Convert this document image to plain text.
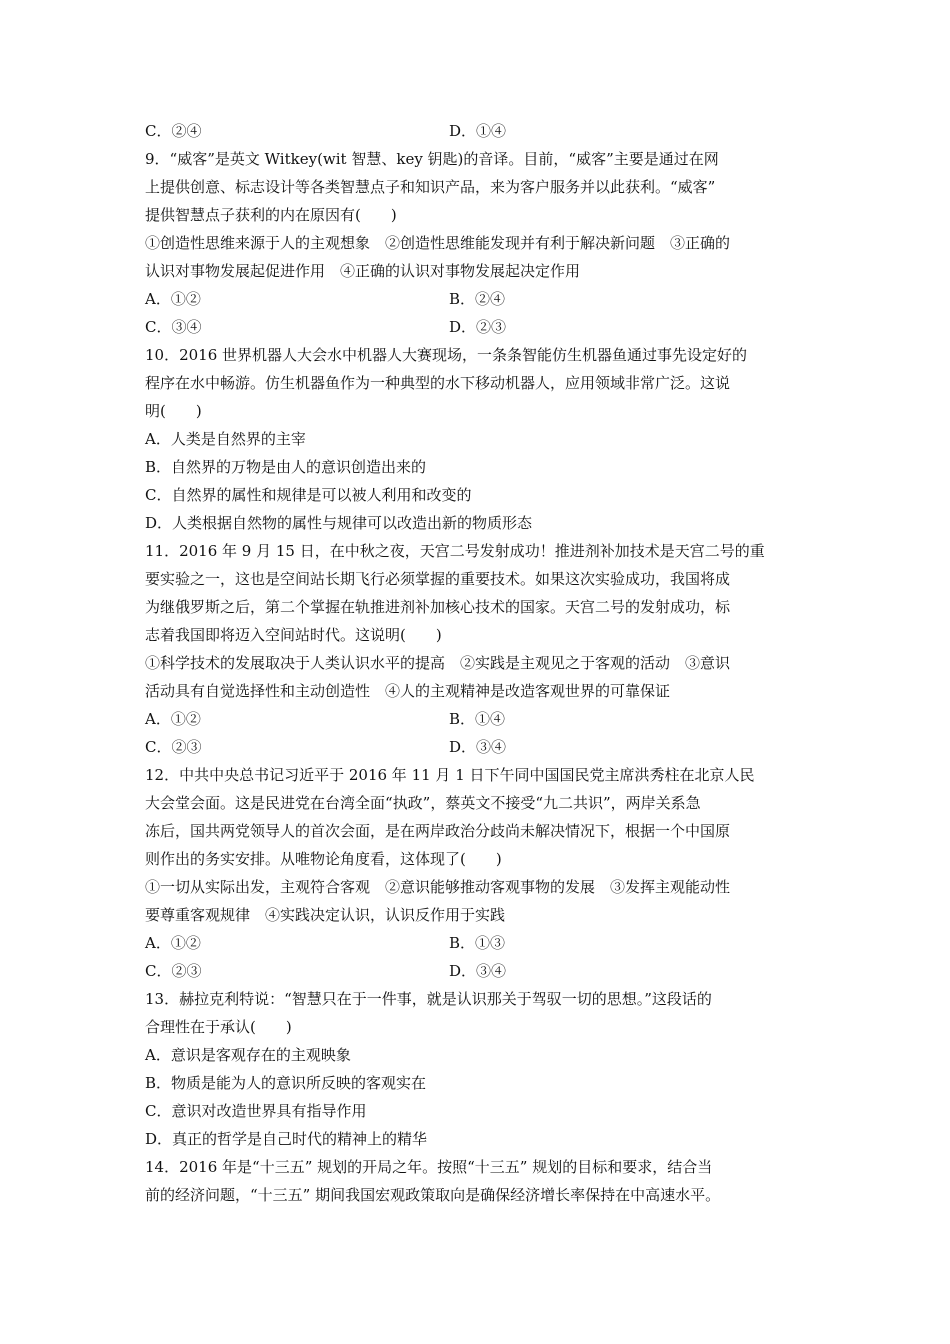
C．②④	D．①④
9．“威客”是英文 Witkey(wit 智慧、key 钥匙)的音译。目前，“威客”主要是通过在网
上提供创意、标志设计等各类智慧点子和知识产品，来为客户服务并以此获利。“威客”
提供智慧点子获利的内在原因有(　　)
①创造性思维来源于人的主观想象　②创造性思维能发现并有利于解决新问题　③正确的
认识对事物发展起促进作用　④正确的认识对事物发展起决定作用
A．①②	B．②④
C．③④	D．②③
10．2016 世界机器人大会水中机器人大赛现场，一条条智能仿生机器鱼通过事先设定好的
程序在水中畅游。仿生机器鱼作为一种典型的水下移动机器人，应用领域非常广泛。这说
明(　　)
A．人类是自然界的主宰
B．自然界的万物是由人的意识创造出来的
C．自然界的属性和规律是可以被人利用和改变的
D．人类根据自然物的属性与规律可以改造出新的物质形态
11．2016 年 9 月 15 日，在中秋之夜，天宫二号发射成功！推进剂补加技术是天宫二号的重
要实验之一，这也是空间站长期飞行必须掌握的重要技术。如果这次实验成功，我国将成
为继俄罗斯之后，第二个掌握在轨推进剂补加核心技术的国家。天宫二号的发射成功，标
志着我国即将迈入空间站时代。这说明(　　)
①科学技术的发展取决于人类认识水平的提高　②实践是主观见之于客观的活动　③意识
活动具有自觉选择性和主动创造性　④人的主观精神是改造客观世界的可靠保证
A．①②	B．①④
C．②③	D．③④
12．中共中央总书记习近平于 2016 年 11 月 1 日下午同中国国民党主席洪秀柱在北京人民
大会堂会面。这是民进党在台湾全面“执政”，蔡英文不接受“九二共识”，两岸关系急
冻后，国共两党领导人的首次会面，是在两岸政治分歧尚未解决情况下，根据一个中国原
则作出的务实安排。从唯物论角度看，这体现了(　　)
①一切从实际出发，主观符合客观　②意识能够推动客观事物的发展　③发挥主观能动性
要尊重客观规律　④实践决定认识，认识反作用于实践
A．①②	B．①③
C．②③	D．③④
13．赫拉克利特说：“智慧只在于一件事，就是认识那关于驾驭一切的思想。”这段话的
合理性在于承认(　　)
A．意识是客观存在的主观映象
B．物质是能为人的意识所反映的客观实在
C．意识对改造世界具有指导作用
D．真正的哲学是自己时代的精神上的精华
14．2016 年是“十三五” 规划的开局之年。按照“十三五” 规划的目标和要求，结合当
前的经济问题，“十三五” 期间我国宏观政策取向是确保经济增长率保持在中高速水平。
